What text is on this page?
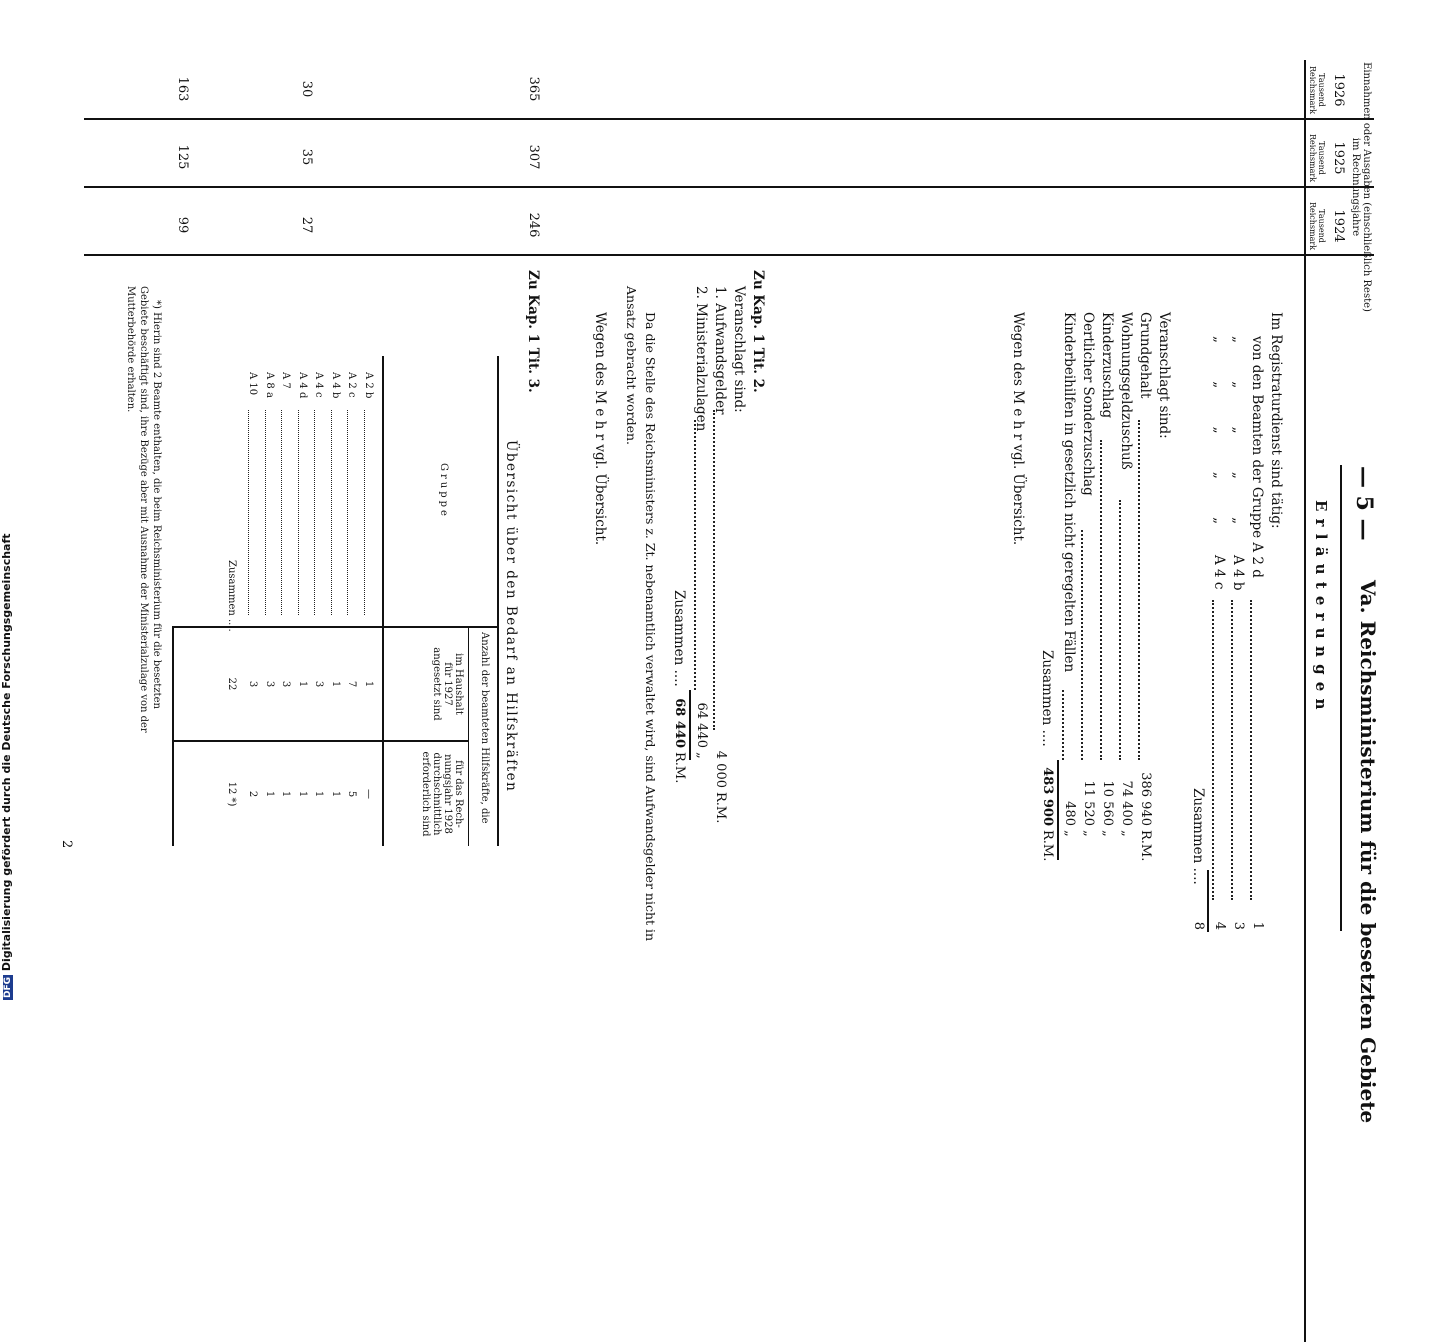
— 5 —
Va. Reichsministerium für die besetzten Gebiete
1926
1925
1924
Tausend Reichsmark
Tausend Reichsmark
Tausend Reichsmark
E r l ä u t e r u n g e n
Im Registraturdienst sind tätig:
von den Beamten der Gruppe A 2 d
1
„ „ „ „ „
A 4 b
3
„ „ „ „ „
A 4 c
4
Zusammen ....
8
Veranschlagt sind:
Grundgehalt
386 940
R.M.
Wohnungsgeldzuschuß
74 400
„
Kinderzuschlag
10 560
„
Oertlicher Sonderzuschlag
11 520
„
Kinderbeihilfen in gesetzlich nicht geregelten Fällen
480
„
Zusammen ....
483 900
R.M.
Wegen des M e h r vgl. Übersicht.
365
307
246
30
35
27
163
125
99
Zu Kap. 1 Tit. 2.
Veranschlagt sind:
1. Aufwandsgelder
4 000
R.M.
2. Ministerialzulagen
64 440
„
Zusammen ....
68 440
R.M.
Da die Stelle des Reichsministers z. Zt. nebenamtlich verwaltet wird, sind Aufwandsgelder nicht in
Ansatz gebracht worden.
Wegen des M e h r vgl. Übersicht.
Zu Kap. 1 Tit. 3.
Übersicht über den Bedarf an Hilfskräften
Gruppe
Anzahl der beamteten Hilfskräfte, die
im Haushalt
für 1927
angesetzt sind
für das Rech-
nungsjahr 1928
durchschnittlich
erforderlich sind
A 2 b
1
—
A 2 c
7
5
A 4 b
1
1
A 4 c
3
1
A 4 d
1
1
A 7
3
1
A 8 a
3
1
A 10
3
2
Zusammen ....
22
12 *)
*) Hierin sind 2 Beamte enthalten, die beim Reichsministerium für die besetzten
Gebiete beschäftigt sind, ihre Bezüge aber mit Ausnahme der Ministerialzulage von der
Mutterbehörde erhalten.
2
DFG Digitalisierung gefördert durch die Deutsche Forschungsgemeinschaft
